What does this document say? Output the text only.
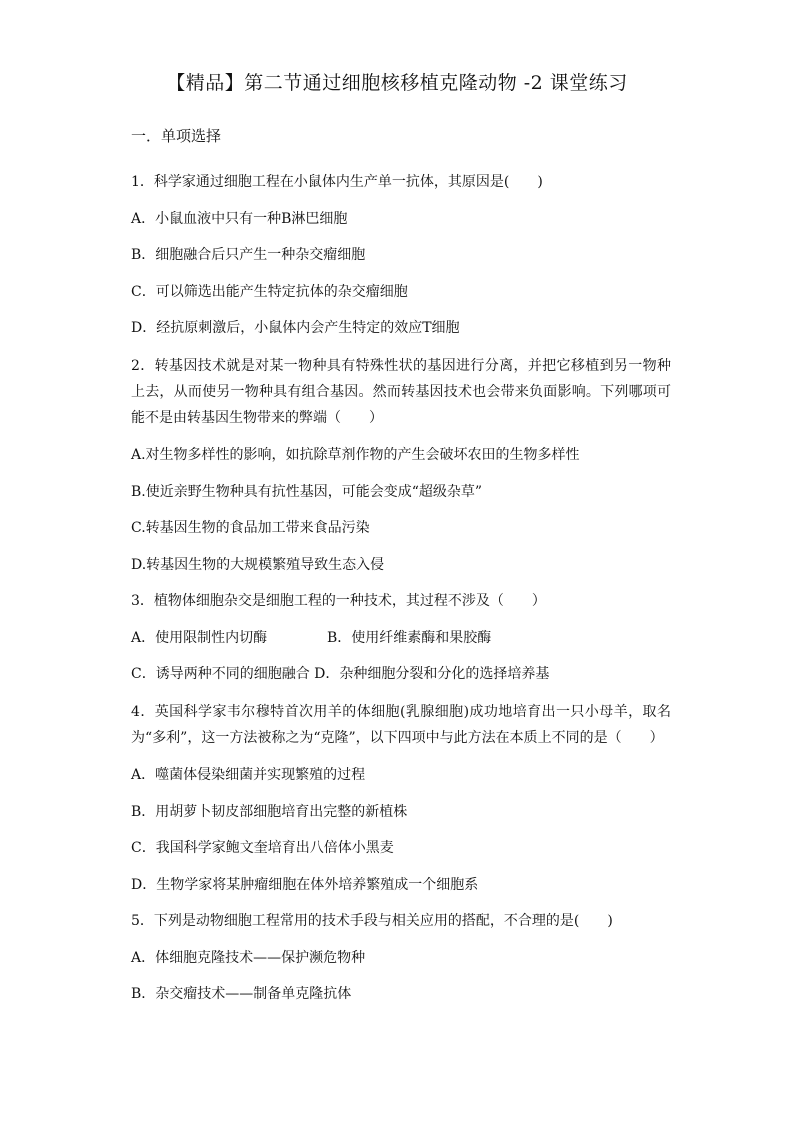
【精品】第二节通过细胞核移植克隆动物 -2 课堂练习
一．单项选择

1．科学家通过细胞工程在小鼠体内生产单一抗体，其原因是(　　)

A．小鼠血液中只有一种B淋巴细胞

B．细胞融合后只产生一种杂交瘤细胞

C．可以筛选出能产生特定抗体的杂交瘤细胞

D．经抗原刺激后，小鼠体内会产生特定的效应T细胞

2．转基因技术就是对某一物种具有特殊性状的基因进行分离，并把它移植到另一物种上去，从而使另一物种具有组合基因。然而转基因技术也会带来负面影响。下列哪项可能不是由转基因生物带来的弊端（　　）

A.对生物多样性的影响，如抗除草剂作物的产生会破坏农田的生物多样性

B.使近亲野生物种具有抗性基因，可能会变成“超级杂草”

C.转基因生物的食品加工带来食品污染

D.转基因生物的大规模繁殖导致生态入侵

3．植物体细胞杂交是细胞工程的一种技术，其过程不涉及（　　）

A．使用限制性内切酶	B．使用纤维素酶和果胶酶

C．诱导两种不同的细胞融合 D．杂种细胞分裂和分化的选择培养基

4．英国科学家韦尔穆特首次用羊的体细胞(乳腺细胞)成功地培育出一只小母羊，取名为“多利”，这一方法被称之为“克隆”，以下四项中与此方法在本质上不同的是（　　）

A．噬菌体侵染细菌并实现繁殖的过程

B．用胡萝卜韧皮部细胞培育出完整的新植株

C．我国科学家鲍文奎培育出八倍体小黑麦

D．生物学家将某肿瘤细胞在体外培养繁殖成一个细胞系

5．下列是动物细胞工程常用的技术手段与相关应用的搭配，不合理的是(　　)

A．体细胞克隆技术——保护濒危物种

B．杂交瘤技术——制备单克隆抗体
